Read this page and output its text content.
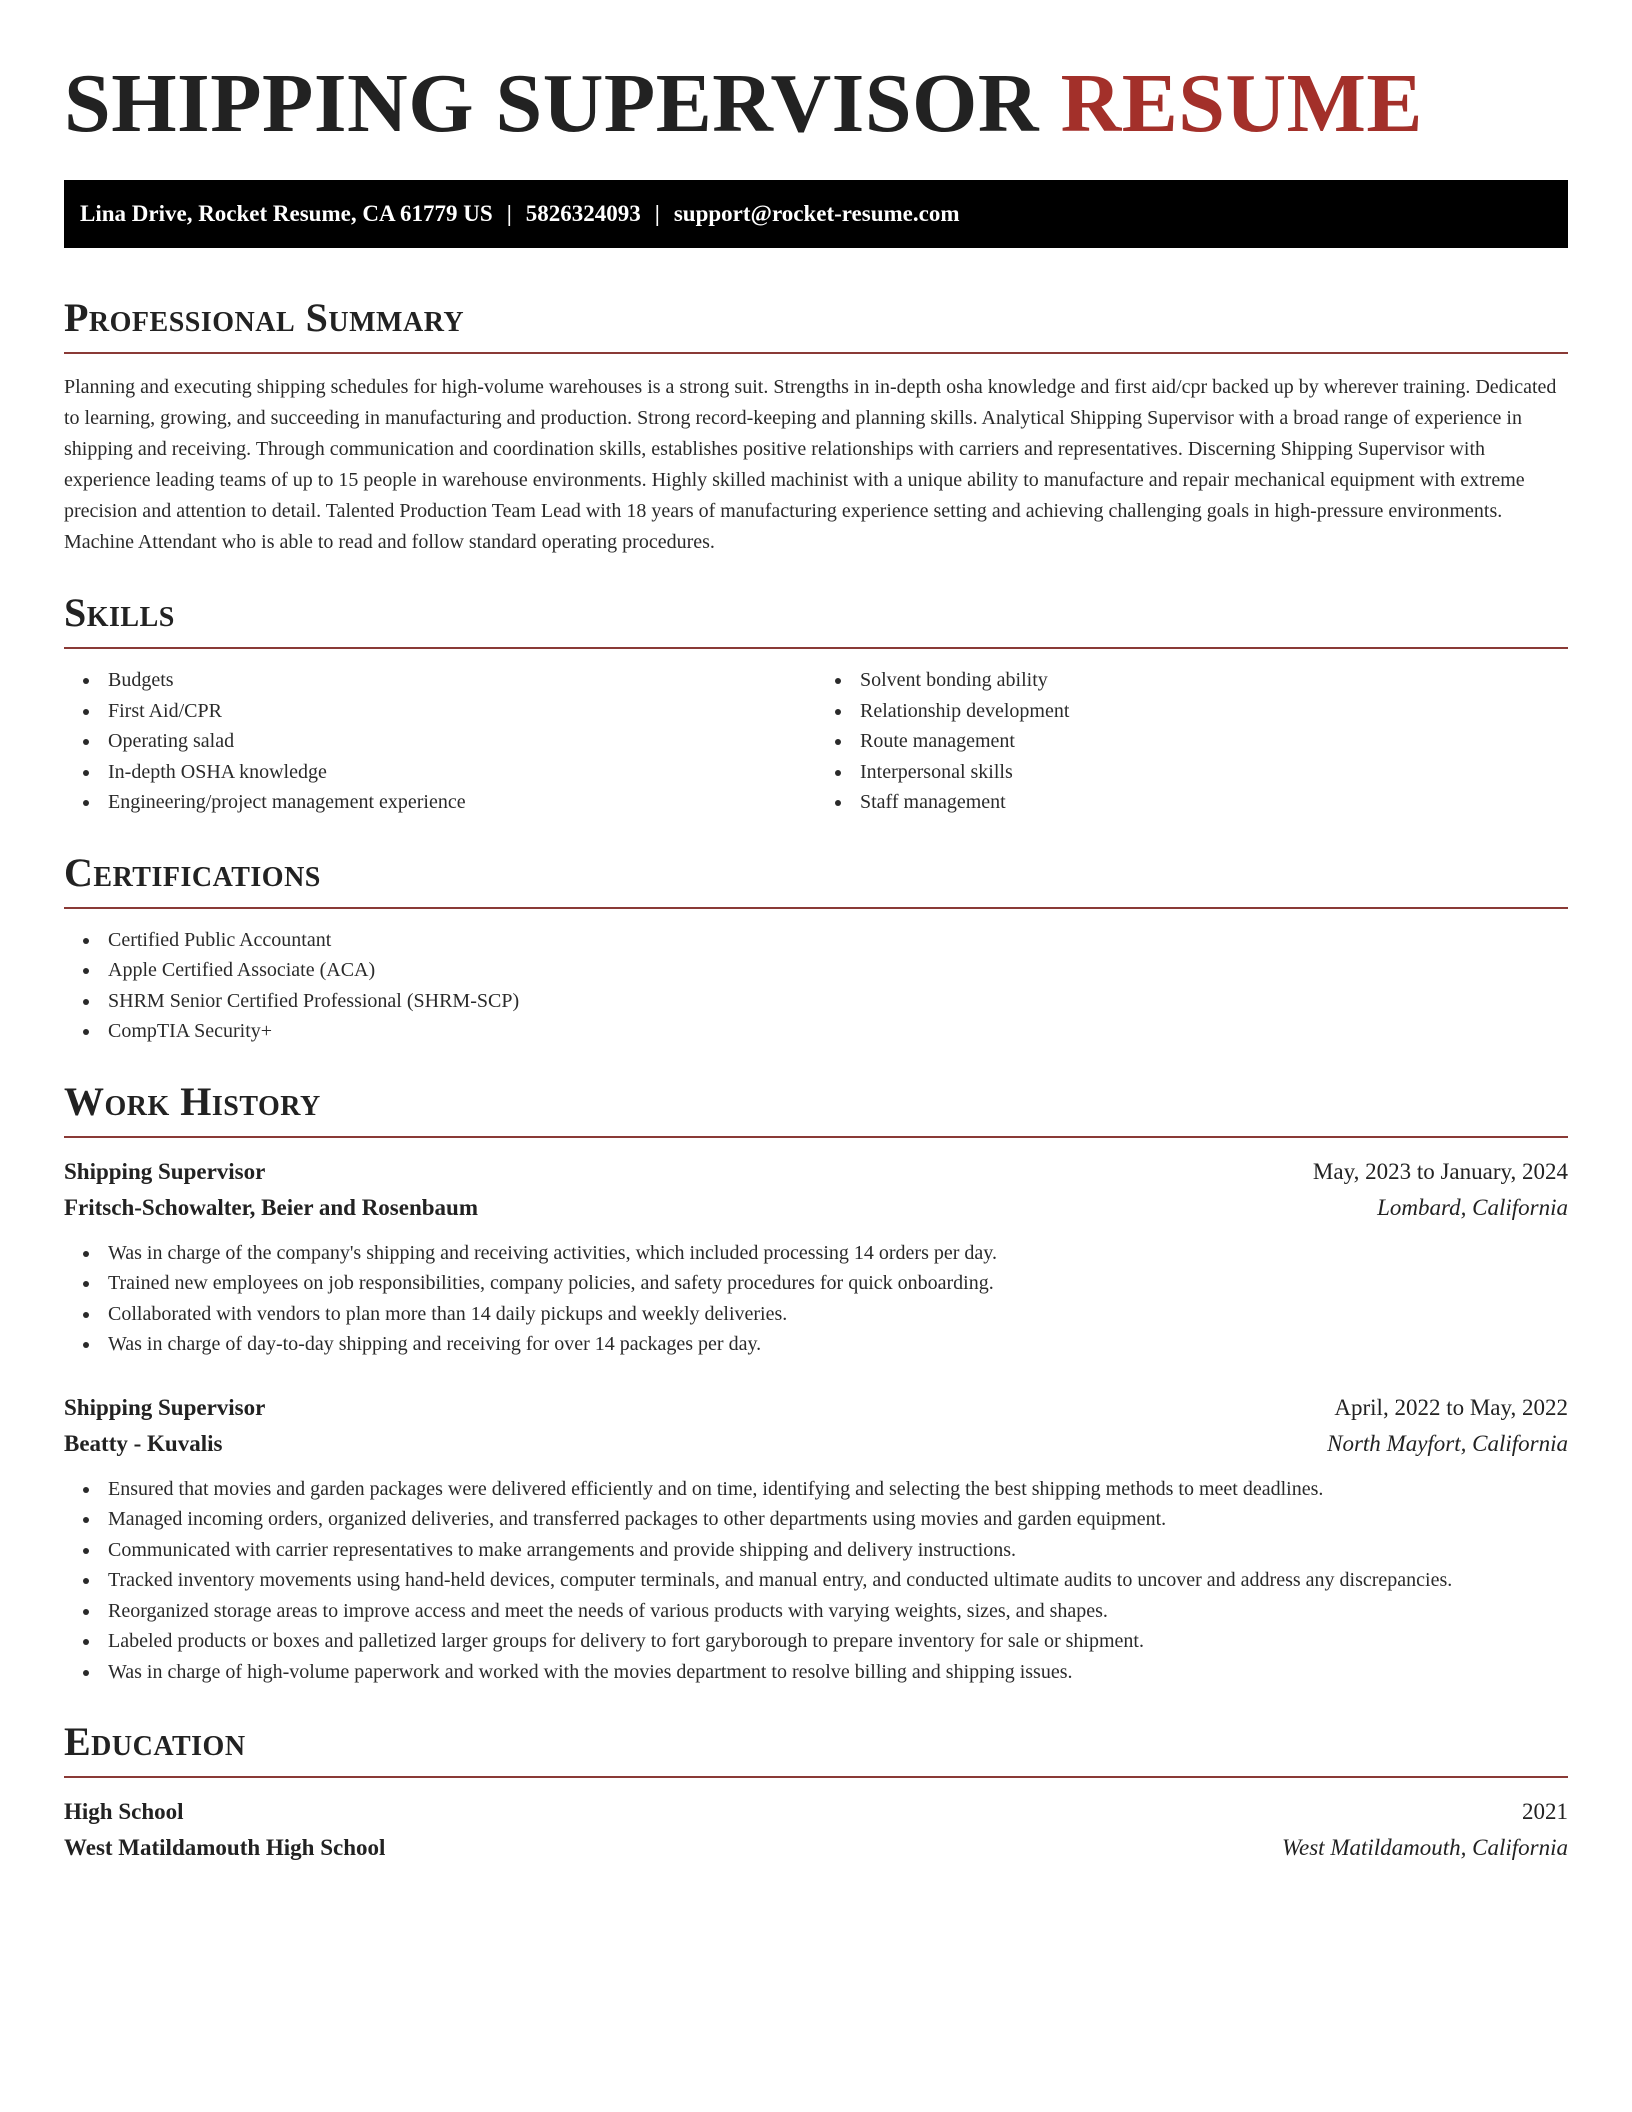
SHIPPING SUPERVISOR RESUME
Lina Drive, Rocket Resume, CA 61779 US | 5826324093 | support@rocket-resume.com
Professional Summary

Planning and executing shipping schedules for high-volume warehouses is a strong suit. Strengths in in-depth osha knowledge and first aid/cpr backed up by wherever training. Dedicated to learning, growing, and succeeding in manufacturing and production. Strong record-keeping and planning skills. Analytical Shipping Supervisor with a broad range of experience in shipping and receiving. Through communication and coordination skills, establishes positive relationships with carriers and representatives. Discerning Shipping Supervisor with experience leading teams of up to 15 people in warehouse environments. Highly skilled machinist with a unique ability to manufacture and repair mechanical equipment with extreme precision and attention to detail. Talented Production Team Lead with 18 years of manufacturing experience setting and achieving challenging goals in high-pressure environments. Machine Attendant who is able to read and follow standard operating procedures.

Skills
Budgets
First Aid/CPR
Operating salad
In-depth OSHA knowledge
Engineering/project management experience
Solvent bonding ability
Relationship development
Route management
Interpersonal skills
Staff management
Certifications
Certified Public Accountant
Apple Certified Associate (ACA)
SHRM Senior Certified Professional (SHRM-SCP)
CompTIA Security+
Work History
Shipping Supervisor	May, 2023 to January, 2024
Fritsch-Schowalter, Beier and Rosenbaum	Lombard, California
Was in charge of the company's shipping and receiving activities, which included processing 14 orders per day.
Trained new employees on job responsibilities, company policies, and safety procedures for quick onboarding.
Collaborated with vendors to plan more than 14 daily pickups and weekly deliveries.
Was in charge of day-to-day shipping and receiving for over 14 packages per day.
Shipping Supervisor	April, 2022 to May, 2022
Beatty - Kuvalis	North Mayfort, California
Ensured that movies and garden packages were delivered efficiently and on time, identifying and selecting the best shipping methods to meet deadlines.
Managed incoming orders, organized deliveries, and transferred packages to other departments using movies and garden equipment.
Communicated with carrier representatives to make arrangements and provide shipping and delivery instructions.
Tracked inventory movements using hand-held devices, computer terminals, and manual entry, and conducted ultimate audits to uncover and address any discrepancies.
Reorganized storage areas to improve access and meet the needs of various products with varying weights, sizes, and shapes.
Labeled products or boxes and palletized larger groups for delivery to fort garyborough to prepare inventory for sale or shipment.
Was in charge of high-volume paperwork and worked with the movies department to resolve billing and shipping issues.
Education
High School	2021
West Matildamouth High School	West Matildamouth, California
